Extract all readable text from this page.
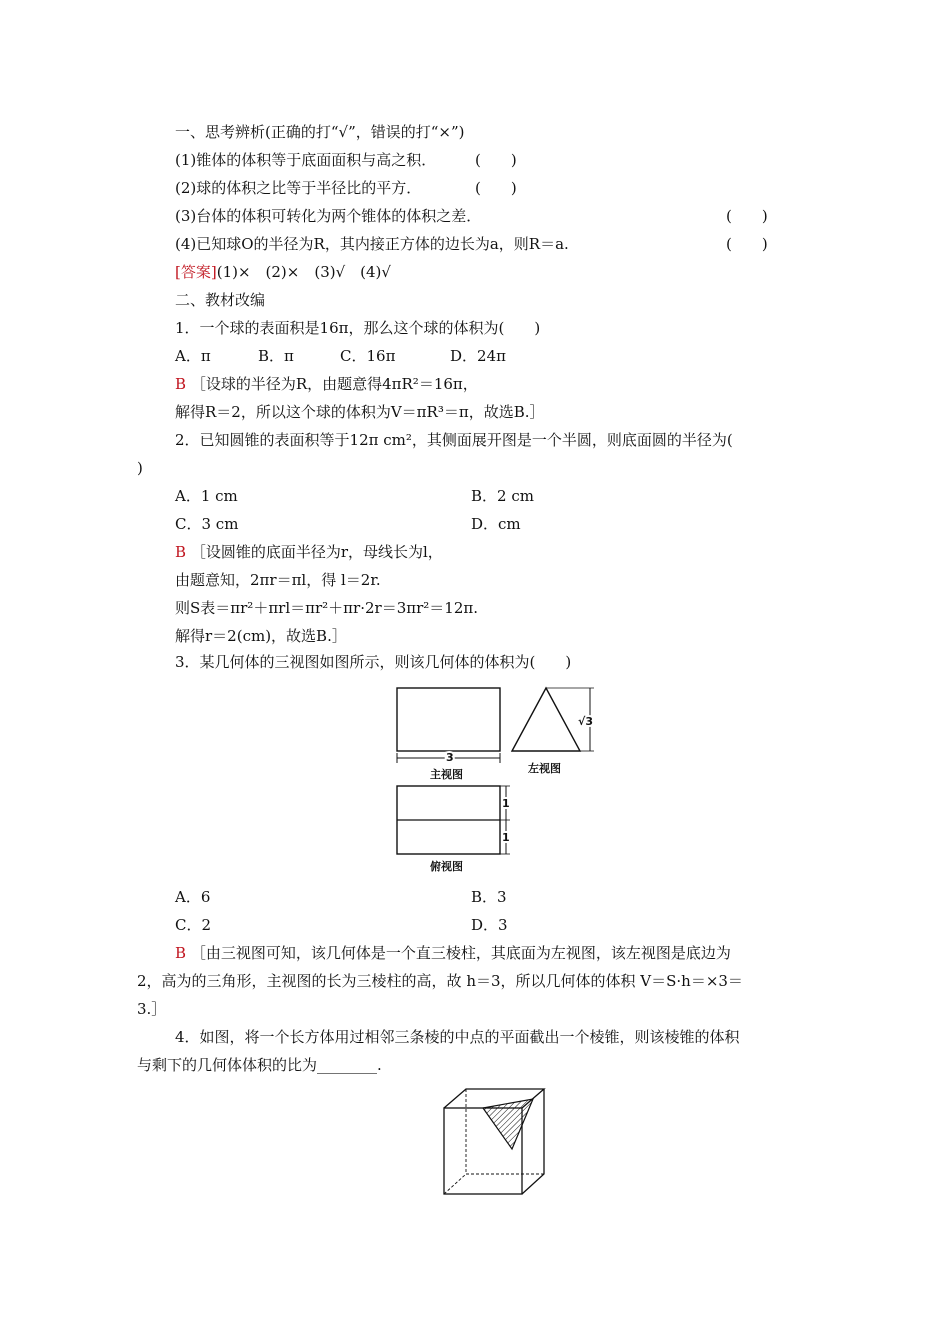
一、思考辨析(正确的打“√”，错误的打“×”)
(1)锥体的体积等于底面面积与高之积．	(　　)
(2)球的体积之比等于半径比的平方．	(　　)
(3)台体的体积可转化为两个锥体的体积之差．	(　　)
(4)已知球O的半径为R，其内接正方体的边长为a，则R＝a.	(　　)
[答案](1)×　(2)×　(3)√　(4)√
二、教材改编
1．一个球的表面积是16π，那么这个球的体积为(　　)
A．π	B．π	C．16π	D．24π
B ［设球的半径为R，由题意得4πR²＝16π，
解得R＝2，所以这个球的体积为V＝πR³＝π，故选B.］
2．已知圆锥的表面积等于12π cm²，其侧面展开图是一个半圆，则底面圆的半径为(
)
A．1 cm	B．2 cm
C．3 cm	D．cm
B ［设圆锥的底面半径为r，母线长为l，
由题意知，2πr＝πl，得 l＝2r.
则S表＝πr²＋πrl＝πr²＋πr·2r＝3πr²＝12π.
解得r＝2(cm)，故选B.］
3．某几何体的三视图如图所示，则该几何体的体积为(　　)
3
主视图
√3
左视图
1
1
俯视图
A．6	B．3
C．2	D．3
B ［由三视图可知，该几何体是一个直三棱柱，其底面为左视图，该左视图是底边为
2，高为的三角形，主视图的长为三棱柱的高，故 h＝3，所以几何体的体积 V＝S·h＝×3＝
3.］
4．如图，将一个长方体用过相邻三条棱的中点的平面截出一个棱锥，则该棱锥的体积
与剩下的几何体体积的比为________.
